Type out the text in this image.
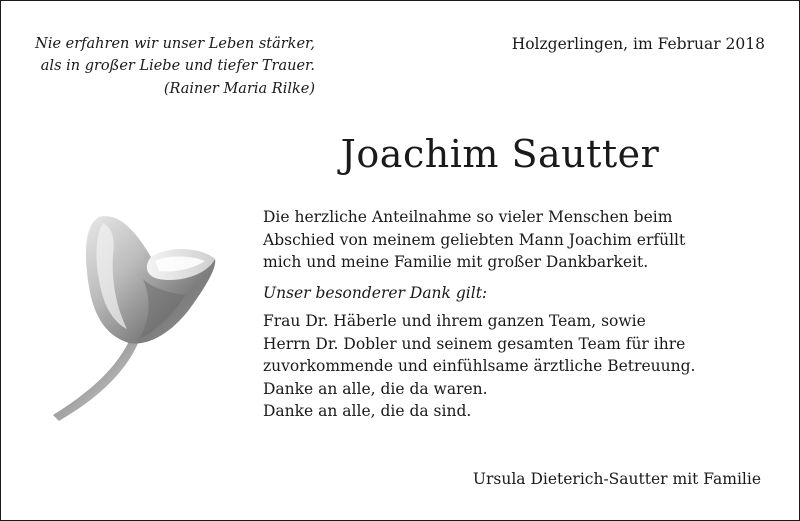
Nie erfahren wir unser Leben stärker,
als in großer Liebe und tiefer Trauer.
(Rainer Maria Rilke)
Holzgerlingen, im Februar 2018
Joachim Sautter
Die herzliche Anteilnahme so vieler Menschen beim
Abschied von meinem geliebten Mann Joachim erfüllt
mich und meine Familie mit großer Dankbarkeit.
Unser besonderer Dank gilt:
Frau Dr. Häberle und ihrem ganzen Team, sowie
Herrn Dr. Dobler und seinem gesamten Team für ihre
zuvorkommende und einfühlsame ärztliche Betreuung.
Danke an alle, die da waren.
Danke an alle, die da sind.
Ursula Dieterich-Sautter mit Familie
